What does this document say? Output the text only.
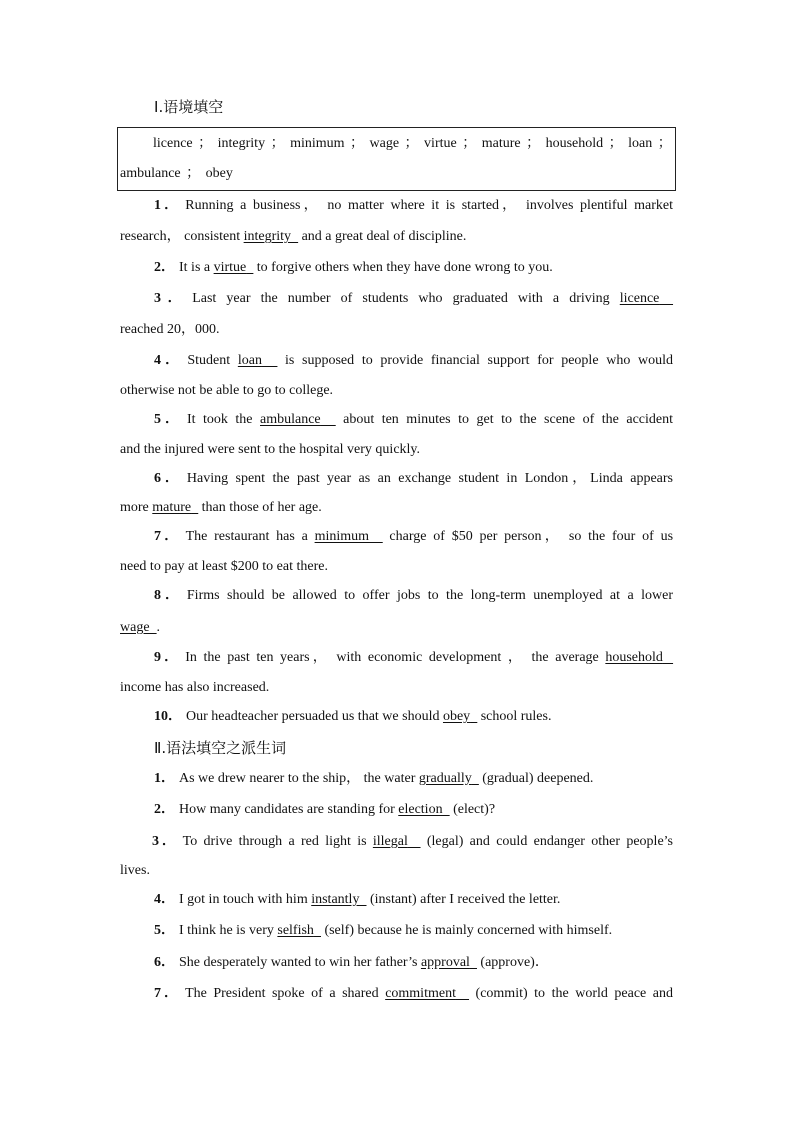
Ⅰ.语境填空
licence ； integrity ； minimum ； wage ； virtue ； mature ； household ； loan ；
ambulance ； obey
1． Running a business， no matter where it is started， involves plentiful market
research， consistent integrity and a great deal of discipline.
2． It is a virtue to forgive others when they have done wrong to you.
3． Last year the number of students who graduated with a driving licence
reached 20，000.
4． Student loan is supposed to provide financial support for people who would
otherwise not be able to go to college.
5． It took the ambulance about ten minutes to get to the scene of the accident
and the injured were sent to the hospital very quickly.
6． Having spent the past year as an exchange student in London，Linda appears
more mature than those of her age.
7． The restaurant has a minimum charge of $50 per person， so the four of us
need to pay at least $200 to eat there.
8． Firms should be allowed to offer jobs to the long-term unemployed at a lower
wage .
9． In the past ten years， with economic development ， the average household
income has also increased.
10． Our headteacher persuaded us that we should obey school rules.
Ⅱ.语法填空之派生词
1． As we drew nearer to the ship， the water gradually (gradual) deepened.
2． How many candidates are standing for election (elect)?
3． To drive through a red light is illegal (legal) and could endanger other people’s
lives.
4． I got in touch with him instantly (instant) after I received the letter.
5． I think he is very selfish (self) because he is mainly concerned with himself.
6． She desperately wanted to win her father’s approval (approve)．
7． The President spoke of a shared commitment (commit) to the world peace and
